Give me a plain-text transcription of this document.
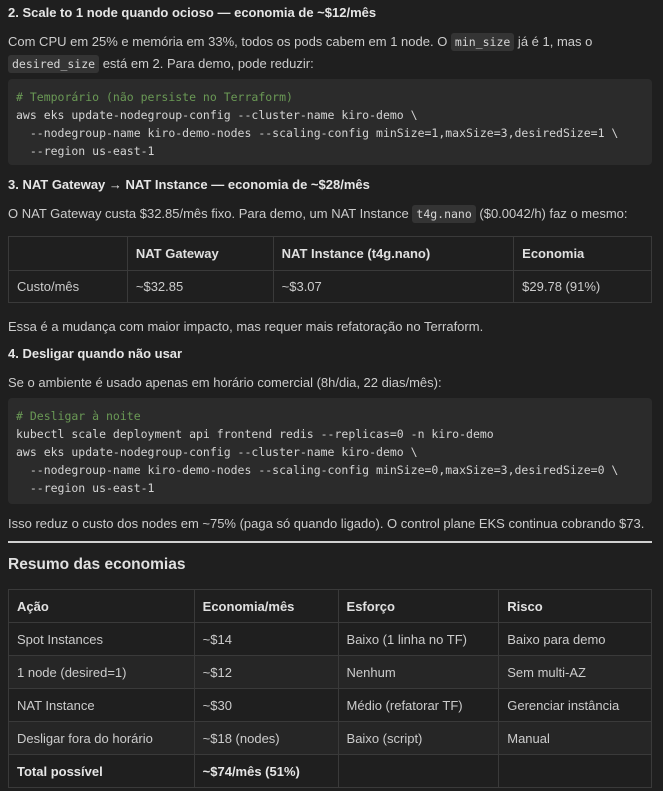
2. Scale to 1 node quando ocioso — economia de ~$12/mês
Com CPU em 25% e memória em 33%, todos os pods cabem em 1 node. O min_size já é 1, mas o
desired_size está em 2. Para demo, pode reduzir:
# Temporário (não persiste no Terraform)
aws eks update-nodegroup-config --cluster-name kiro-demo \
--nodegroup-name kiro-demo-nodes --scaling-config minSize=1,maxSize=3,desiredSize=1 \
--region us-east-1
3. NAT Gateway → NAT Instance — economia de ~$28/mês
O NAT Gateway custa $32.85/mês fixo. Para demo, um NAT Instance t4g.nano ($0.0042/h) faz o mesmo:
	NAT Gateway	NAT Instance (t4g.nano)	Economia
Custo/mês	~$32.85	~$3.07	$29.78 (91%)
Essa é a mudança com maior impacto, mas requer mais refatoração no Terraform.
4. Desligar quando não usar
Se o ambiente é usado apenas em horário comercial (8h/dia, 22 dias/mês):
# Desligar à noite
kubectl scale deployment api frontend redis --replicas=0 -n kiro-demo
aws eks update-nodegroup-config --cluster-name kiro-demo \
--nodegroup-name kiro-demo-nodes --scaling-config minSize=0,maxSize=3,desiredSize=0 \
--region us-east-1
Isso reduz o custo dos nodes em ~75% (paga só quando ligado). O control plane EKS continua cobrando $73.
Resumo das economias
Ação	Economia/mês	Esforço	Risco
Spot Instances	~$14	Baixo (1 linha no TF)	Baixo para demo
1 node (desired=1)	~$12	Nenhum	Sem multi-AZ
NAT Instance	~$30	Médio (refatorar TF)	Gerenciar instância
Desligar fora do horário	~$18 (nodes)	Baixo (script)	Manual
Total possível	~$74/mês (51%)		
